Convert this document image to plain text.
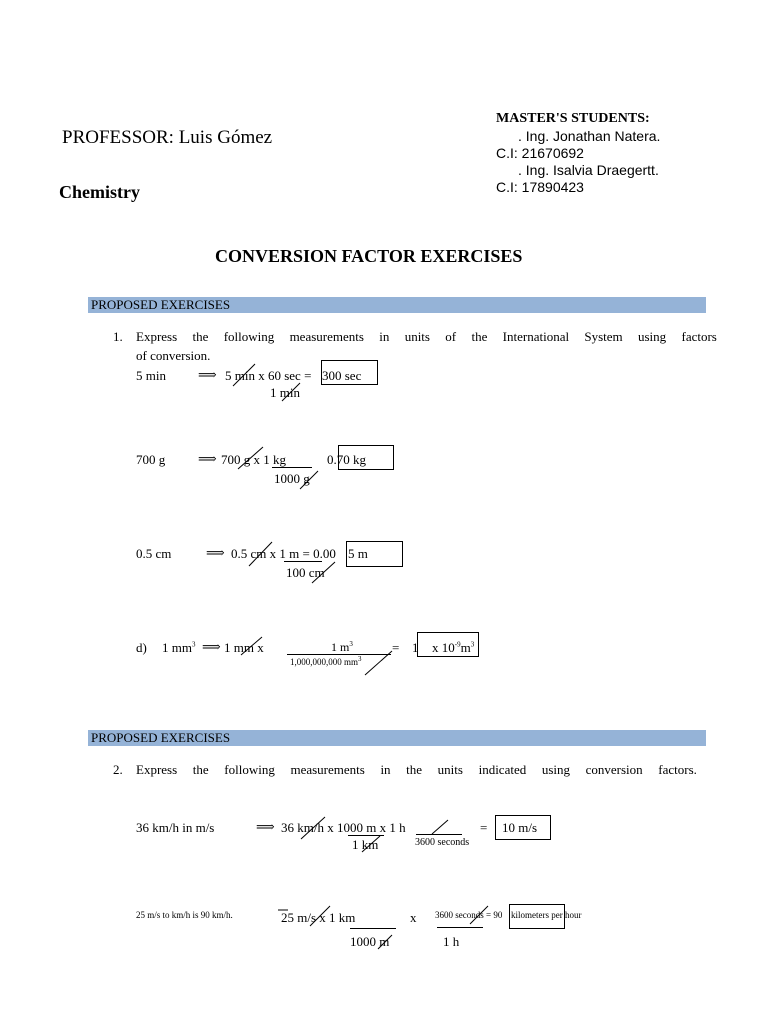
PROFESSOR: Luis Gómez
Chemistry
MASTER'S STUDENTS:
. Ing. Jonathan Natera.
C.I: 21670692
. Ing. Isalvia Draegertt.
C.I: 17890423
CONVERSION FACTOR EXERCISES
PROPOSED EXERCISES
1. Express the following measurements in units of the International System using factors
of conversion.
5 min ⟹ 5 min x 60 sec =
1 min
300 sec
700 g	⟹ 700 g x 1 kg
1000 g
0.70 kg
0.5 cm	⟹ 0.5 cm x 1 m = 0.00
100 cm
5 m
d) 1 $mm^3$ ⟹ 1 mm x	1 $m^3$
1,000,000,000 $mm^3$
= 1 x $10^{-9}m^3$
PROPOSED EXERCISES
2. Express the following measurements in the units indicated using conversion factors.
36 km/h in m/s	⟹ 36 km/h x 1000 m x 1 h
1 km	3600 seconds
= 10 m/s
25 m/s to km/h is 90 km/h.	25 m/s x 1 km
1000 m
x 3600 seconds = 90
1 h
kilometers per hour
